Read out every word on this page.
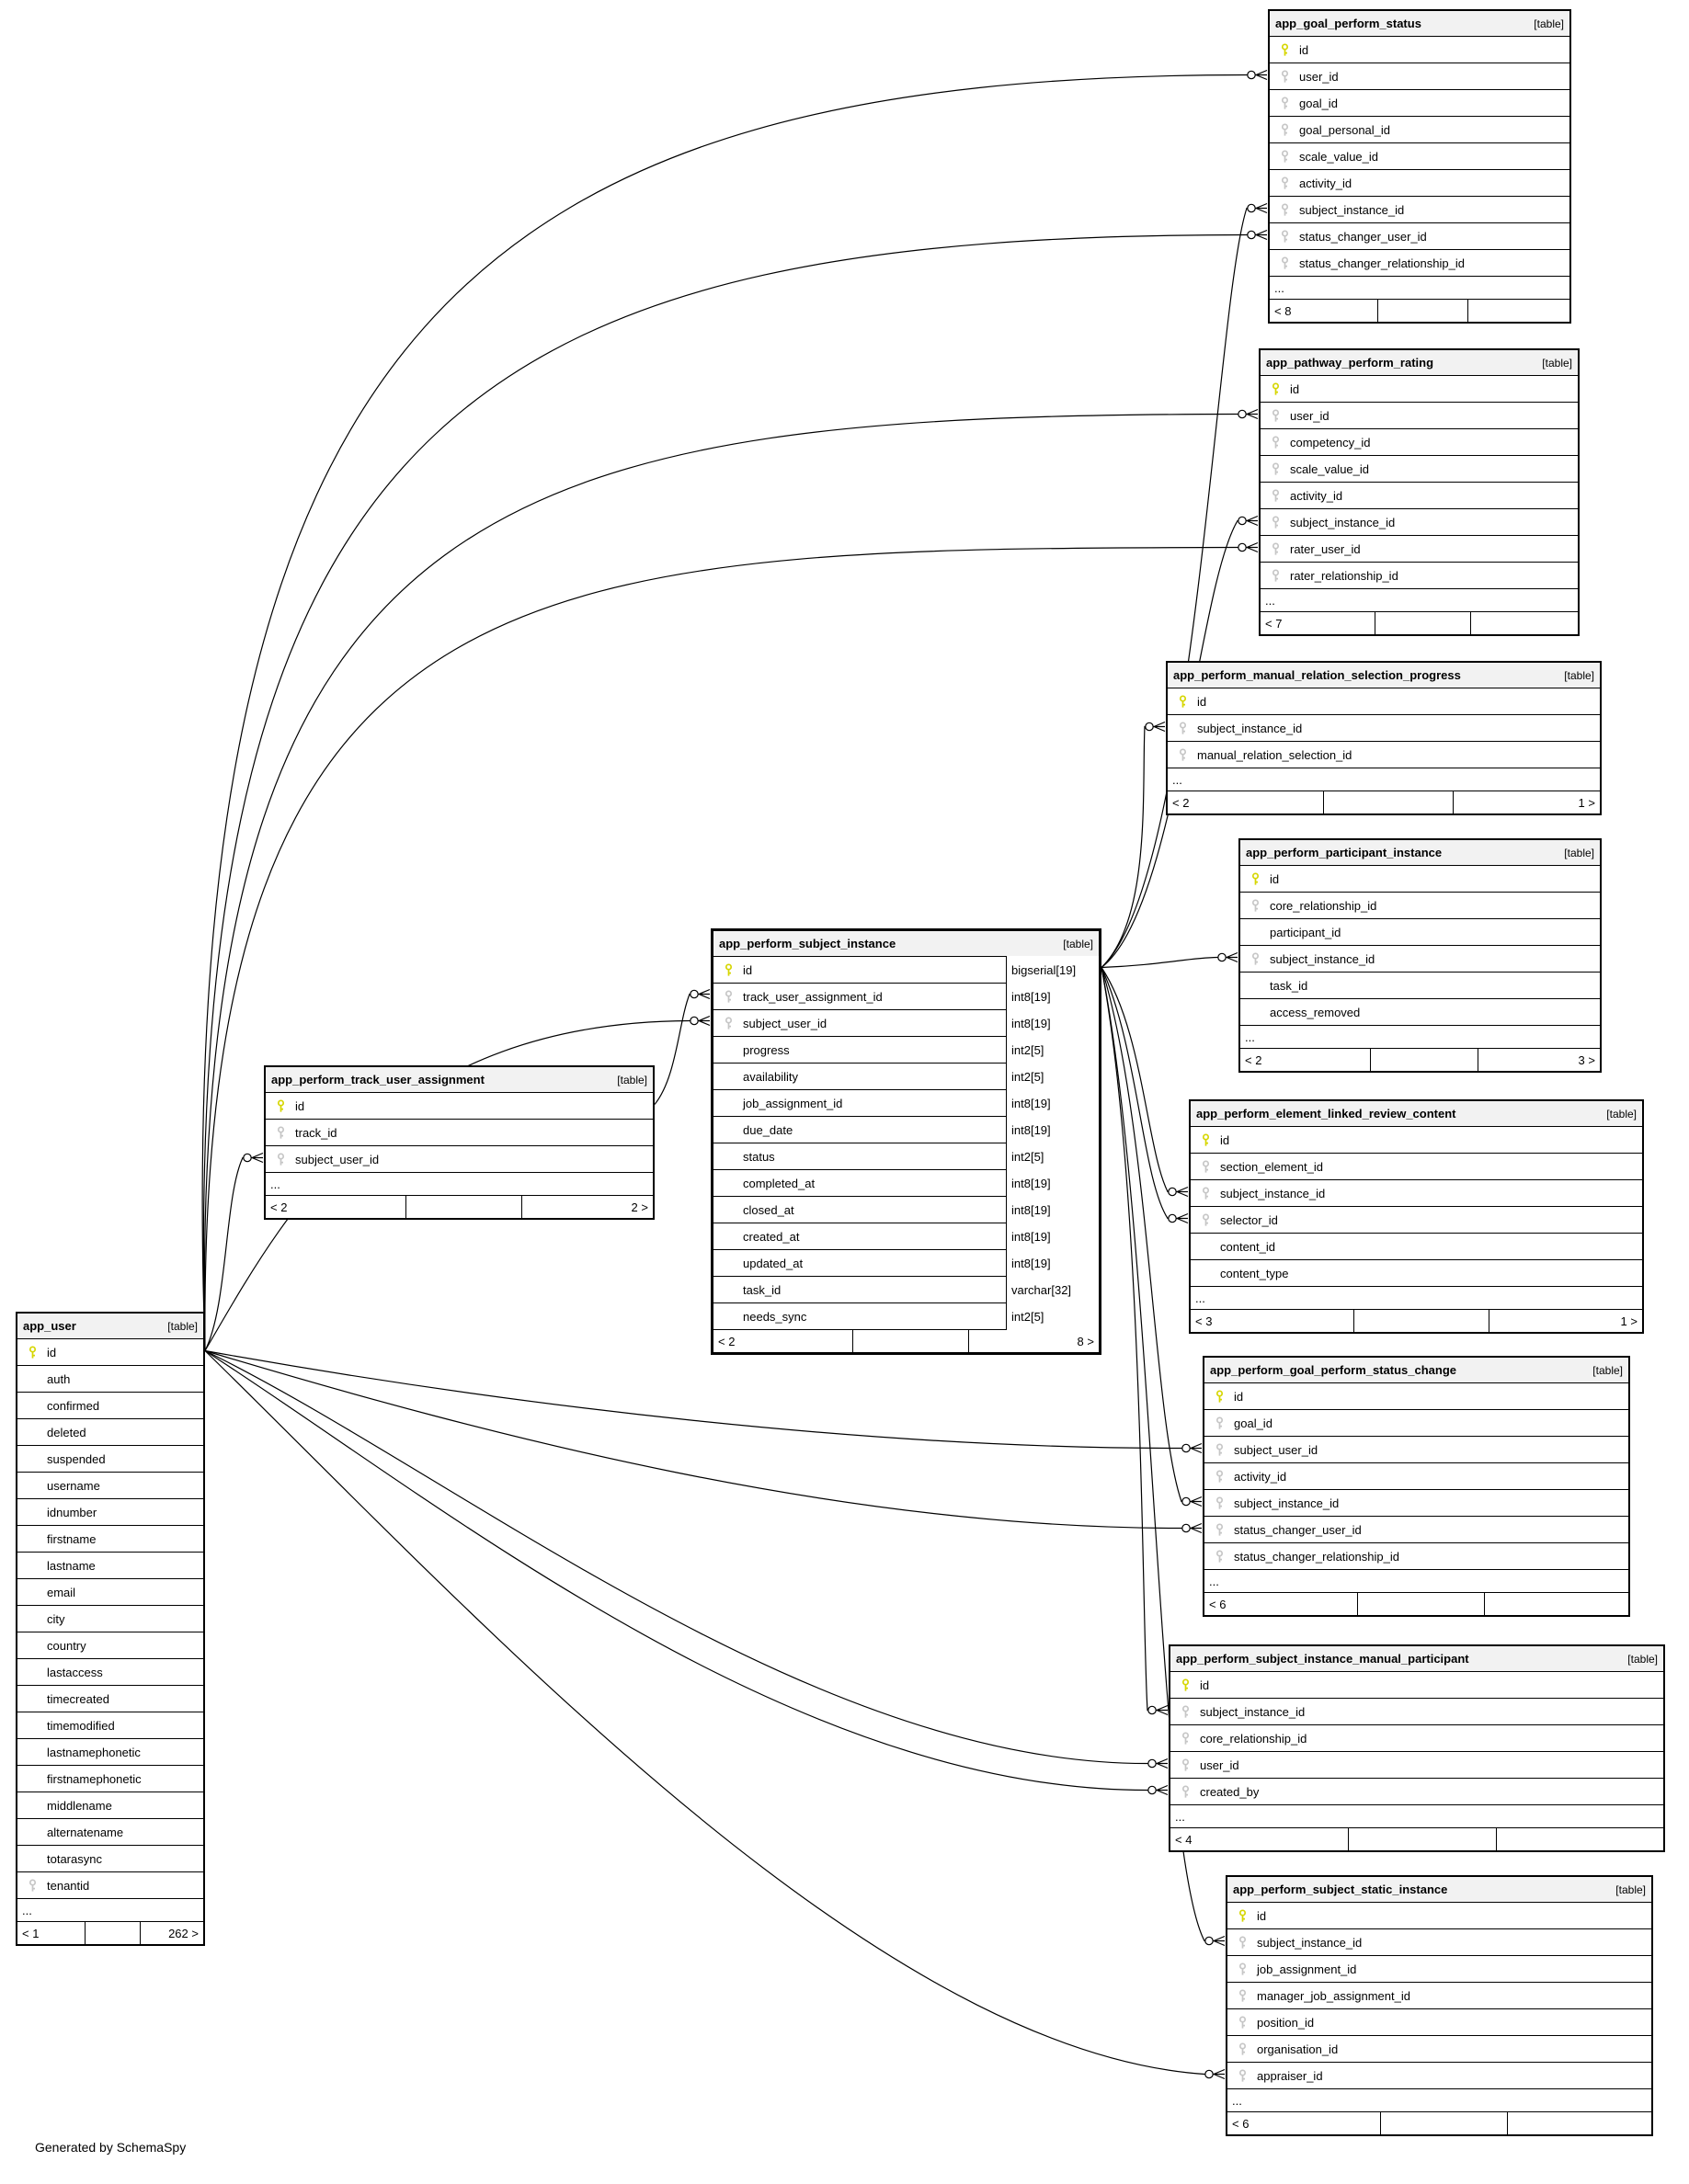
app_goal_perform_status	[table]
id
user_id
goal_id
goal_personal_id
scale_value_id
activity_id
subject_instance_id
status_changer_user_id
status_changer_relationship_id
...
< 8
app_pathway_perform_rating	[table]
id
user_id
competency_id
scale_value_id
activity_id
subject_instance_id
rater_user_id
rater_relationship_id
...
< 7
app_perform_manual_relation_selection_progress	[table]
id
subject_instance_id
manual_relation_selection_id
...
< 2	1 >
app_perform_participant_instance	[table]
id
core_relationship_id
participant_id
subject_instance_id
task_id
access_removed
...
< 2	3 >
app_perform_subject_instance	[table]
id	bigserial[19]
track_user_assignment_id	int8[19]
subject_user_id	int8[19]
progress	int2[5]
availability	int2[5]
job_assignment_id	int8[19]
due_date	int8[19]
status	int2[5]
completed_at	int8[19]
closed_at	int8[19]
created_at	int8[19]
updated_at	int8[19]
task_id	varchar[32]
needs_sync	int2[5]
< 2	8 >
app_perform_track_user_assignment	[table]
id
track_id
subject_user_id
...
< 2	2 >
app_perform_element_linked_review_content	[table]
id
section_element_id
subject_instance_id
selector_id
content_id
content_type
...
< 3	1 >
app_perform_goal_perform_status_change	[table]
id
goal_id
subject_user_id
activity_id
subject_instance_id
status_changer_user_id
status_changer_relationship_id
...
< 6
app_perform_subject_instance_manual_participant	[table]
id
subject_instance_id
core_relationship_id
user_id
created_by
...
< 4
app_perform_subject_static_instance	[table]
id
subject_instance_id
job_assignment_id
manager_job_assignment_id
position_id
organisation_id
appraiser_id
...
< 6
app_user	[table]
id
auth
confirmed
deleted
suspended
username
idnumber
firstname
lastname
email
city
country
lastaccess
timecreated
timemodified
lastnamephonetic
firstnamephonetic
middlename
alternatename
totarasync
tenantid
...
< 1	262 >
Generated by SchemaSpy
